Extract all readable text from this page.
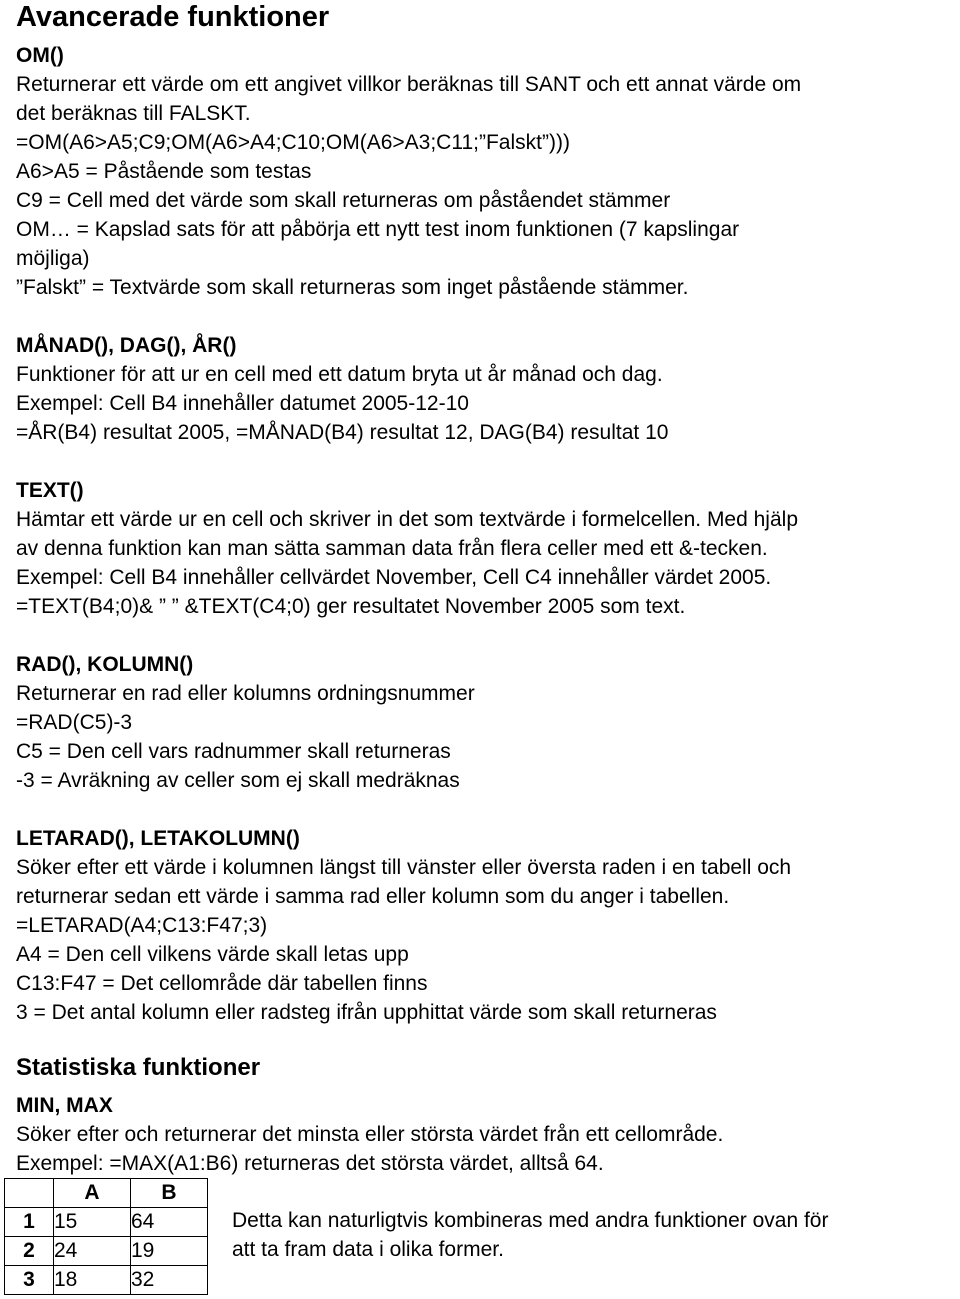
Avancerade funktioner
OM()
Returnerar ett värde om ett angivet villkor beräknas till SANT och ett annat värde om
det beräknas till FALSKT.
=OM(A6>A5;C9;OM(A6>A4;C10;OM(A6>A3;C11;”Falskt”)))
A6>A5 = Påstående som testas
C9 = Cell med det värde som skall returneras om påståendet stämmer
OM… = Kapslad sats för att påbörja ett nytt test inom funktionen (7 kapslingar
möjliga)
”Falskt” = Textvärde som skall returneras som inget påstående stämmer.
MÅNAD(), DAG(), ÅR()
Funktioner för att ur en cell med ett datum bryta ut år månad och dag.
Exempel: Cell B4 innehåller datumet 2005-12-10
=ÅR(B4) resultat 2005, =MÅNAD(B4) resultat 12, DAG(B4) resultat 10
TEXT()
Hämtar ett värde ur en cell och skriver in det som textvärde i formelcellen. Med hjälp
av denna funktion kan man sätta samman data från flera celler med ett &-tecken.
Exempel: Cell B4 innehåller cellvärdet November, Cell C4 innehåller värdet 2005.
=TEXT(B4;0)& ” ” &TEXT(C4;0) ger resultatet November 2005 som text.
RAD(), KOLUMN()
Returnerar en rad eller kolumns ordningsnummer
=RAD(C5)-3
C5 = Den cell vars radnummer skall returneras
-3 = Avräkning av celler som ej skall medräknas
LETARAD(), LETAKOLUMN()
Söker efter ett värde i kolumnen längst till vänster eller översta raden i en tabell och
returnerar sedan ett värde i samma rad eller kolumn som du anger i tabellen.
=LETARAD(A4;C13:F47;3)
A4 = Den cell vilkens värde skall letas upp
C13:F47 = Det cellområde där tabellen finns
3 = Det antal kolumn eller radsteg ifrån upphittat värde som skall returneras
Statistiska funktioner
MIN, MAX
Söker efter och returnerar det minsta eller största värdet från ett cellområde.
Exempel: =MAX(A1:B6) returneras det största värdet, alltså 64.
	A	B
1	15	64
2	24	19
3	18	32
Detta kan naturligtvis kombineras med andra funktioner ovan för
att ta fram data i olika former.
